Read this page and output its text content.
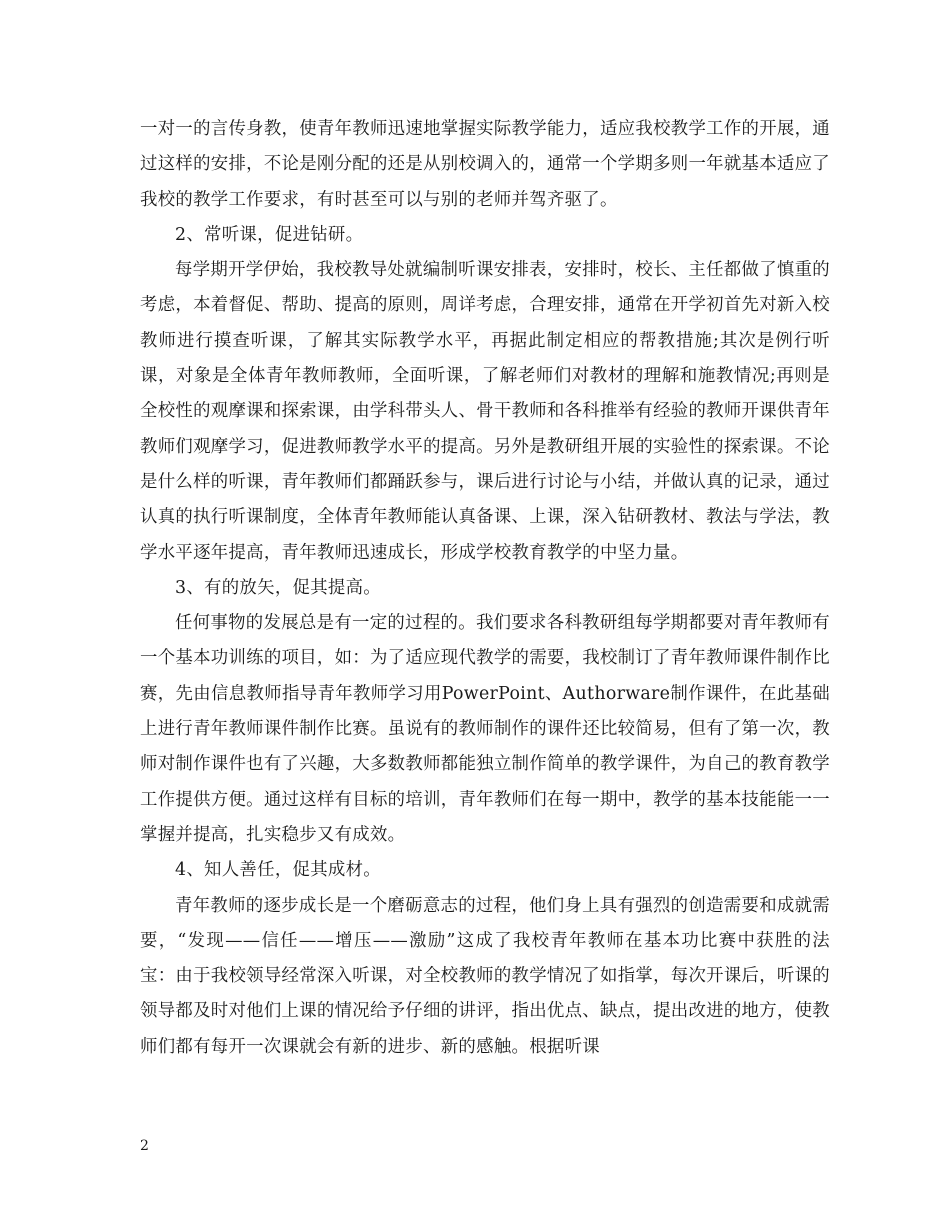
一对一的言传身教，使青年教师迅速地掌握实际教学能力，适应我校教学工作的开展，通过这样的安排，不论是刚分配的还是从别校调入的，通常一个学期多则一年就基本适应了我校的教学工作要求，有时甚至可以与别的老师并驾齐驱了。

2、常听课，促进钻研。

每学期开学伊始，我校教导处就编制听课安排表，安排时，校长、主任都做了慎重的考虑，本着督促、帮助、提高的原则，周详考虑，合理安排，通常在开学初首先对新入校教师进行摸查听课，了解其实际教学水平，再据此制定相应的帮教措施;其次是例行听课，对象是全体青年教师教师，全面听课，了解老师们对教材的理解和施教情况;再则是全校性的观摩课和探索课，由学科带头人、骨干教师和各科推举有经验的教师开课供青年教师们观摩学习，促进教师教学水平的提高。另外是教研组开展的实验性的探索课。不论是什么样的听课，青年教师们都踊跃参与，课后进行讨论与小结，并做认真的记录，通过认真的执行听课制度，全体青年教师能认真备课、上课，深入钻研教材、教法与学法，教学水平逐年提高，青年教师迅速成长，形成学校教育教学的中坚力量。

3、有的放矢，促其提高。

任何事物的发展总是有一定的过程的。我们要求各科教研组每学期都要对青年教师有一个基本功训练的项目，如：为了适应现代教学的需要，我校制订了青年教师课件制作比赛，先由信息教师指导青年教师学习用PowerPoint、Authorware制作课件，在此基础上进行青年教师课件制作比赛。虽说有的教师制作的课件还比较简易，但有了第一次，教师对制作课件也有了兴趣，大多数教师都能独立制作简单的教学课件，为自己的教育教学工作提供方便。通过这样有目标的培训，青年教师们在每一期中，教学的基本技能能一一掌握并提高，扎实稳步又有成效。

4、知人善任，促其成材。

青年教师的逐步成长是一个磨砺意志的过程，他们身上具有强烈的创造需要和成就需要，“发现——信任——增压——激励”这成了我校青年教师在基本功比赛中获胜的法宝：由于我校领导经常深入听课，对全校教师的教学情况了如指掌，每次开课后，听课的领导都及时对他们上课的情况给予仔细的讲评，指出优点、缺点，提出改进的地方，使教师们都有每开一次课就会有新的进步、新的感触。根据听课

2
